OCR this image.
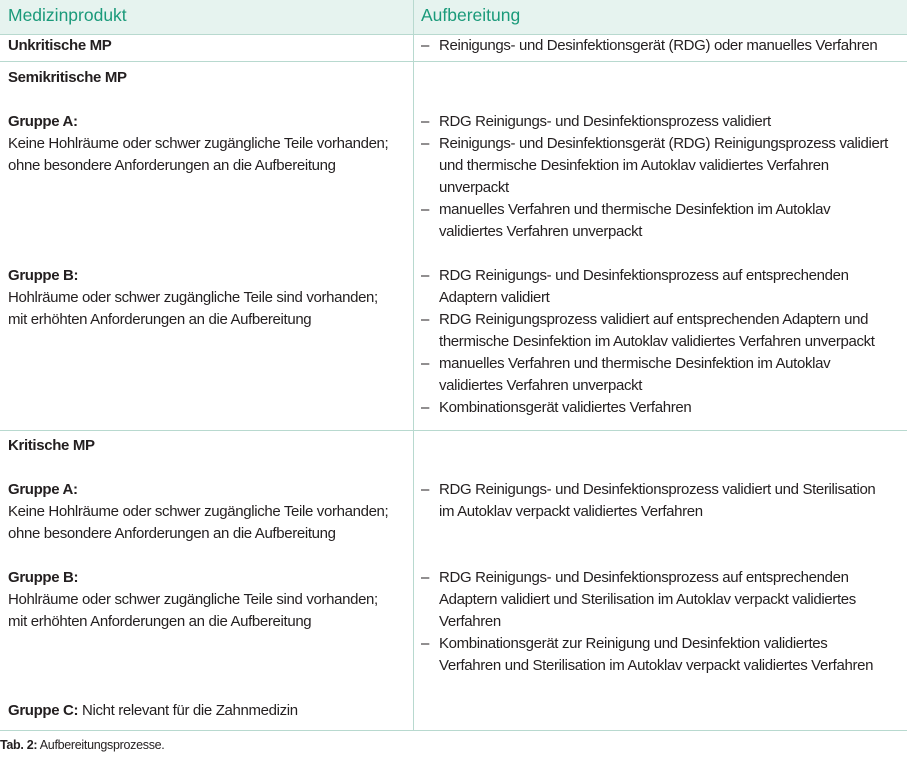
Medizinprodukt	Aufbereitung
Unkritische MP	– Reinigungs- und Desinfektionsgerät (RDG) oder manuelles Verfahren
Semikritische MP
Gruppe A:
Keine Hohlräume oder schwer zugängliche Teile vorhanden;
ohne besondere Anforderungen an die Aufbereitung
– RDG Reinigungs- und Desinfektionsprozess validiert
– Reinigungs- und Desinfektionsgerät (RDG) Reinigungsprozess validiert
und thermische Desinfektion im Autoklav validiertes Verfahren
unverpackt
– manuelles Verfahren und thermische Desinfektion im Autoklav
validiertes Verfahren unverpackt
Gruppe B:
Hohlräume oder schwer zugängliche Teile sind vorhanden;
mit erhöhten Anforderungen an die Aufbereitung
– RDG Reinigungs- und Desinfektionsprozess auf entsprechenden
Adaptern validiert
– RDG Reinigungsprozess validiert auf entsprechenden Adaptern und
thermische Desinfektion im Autoklav validiertes Verfahren unverpackt
– manuelles Verfahren und thermische Desinfektion im Autoklav
validiertes Verfahren unverpackt
– Kombinationsgerät validiertes Verfahren
Kritische MP
Gruppe A:
Keine Hohlräume oder schwer zugängliche Teile vorhanden;
ohne besondere Anforderungen an die Aufbereitung
– RDG Reinigungs- und Desinfektionsprozess validiert und Sterilisation
im Autoklav verpackt validiertes Verfahren
Gruppe B:
Hohlräume oder schwer zugängliche Teile sind vorhanden;
mit erhöhten Anforderungen an die Aufbereitung
– RDG Reinigungs- und Desinfektionsprozess auf entsprechenden
Adaptern validiert und Sterilisation im Autoklav verpackt validiertes
Verfahren
– Kombinationsgerät zur Reinigung und Desinfektion validiertes
Verfahren und Sterilisation im Autoklav verpackt validiertes Verfahren
Gruppe C: Nicht relevant für die Zahnmedizin
Tab. 2: Aufbereitungsprozesse.
